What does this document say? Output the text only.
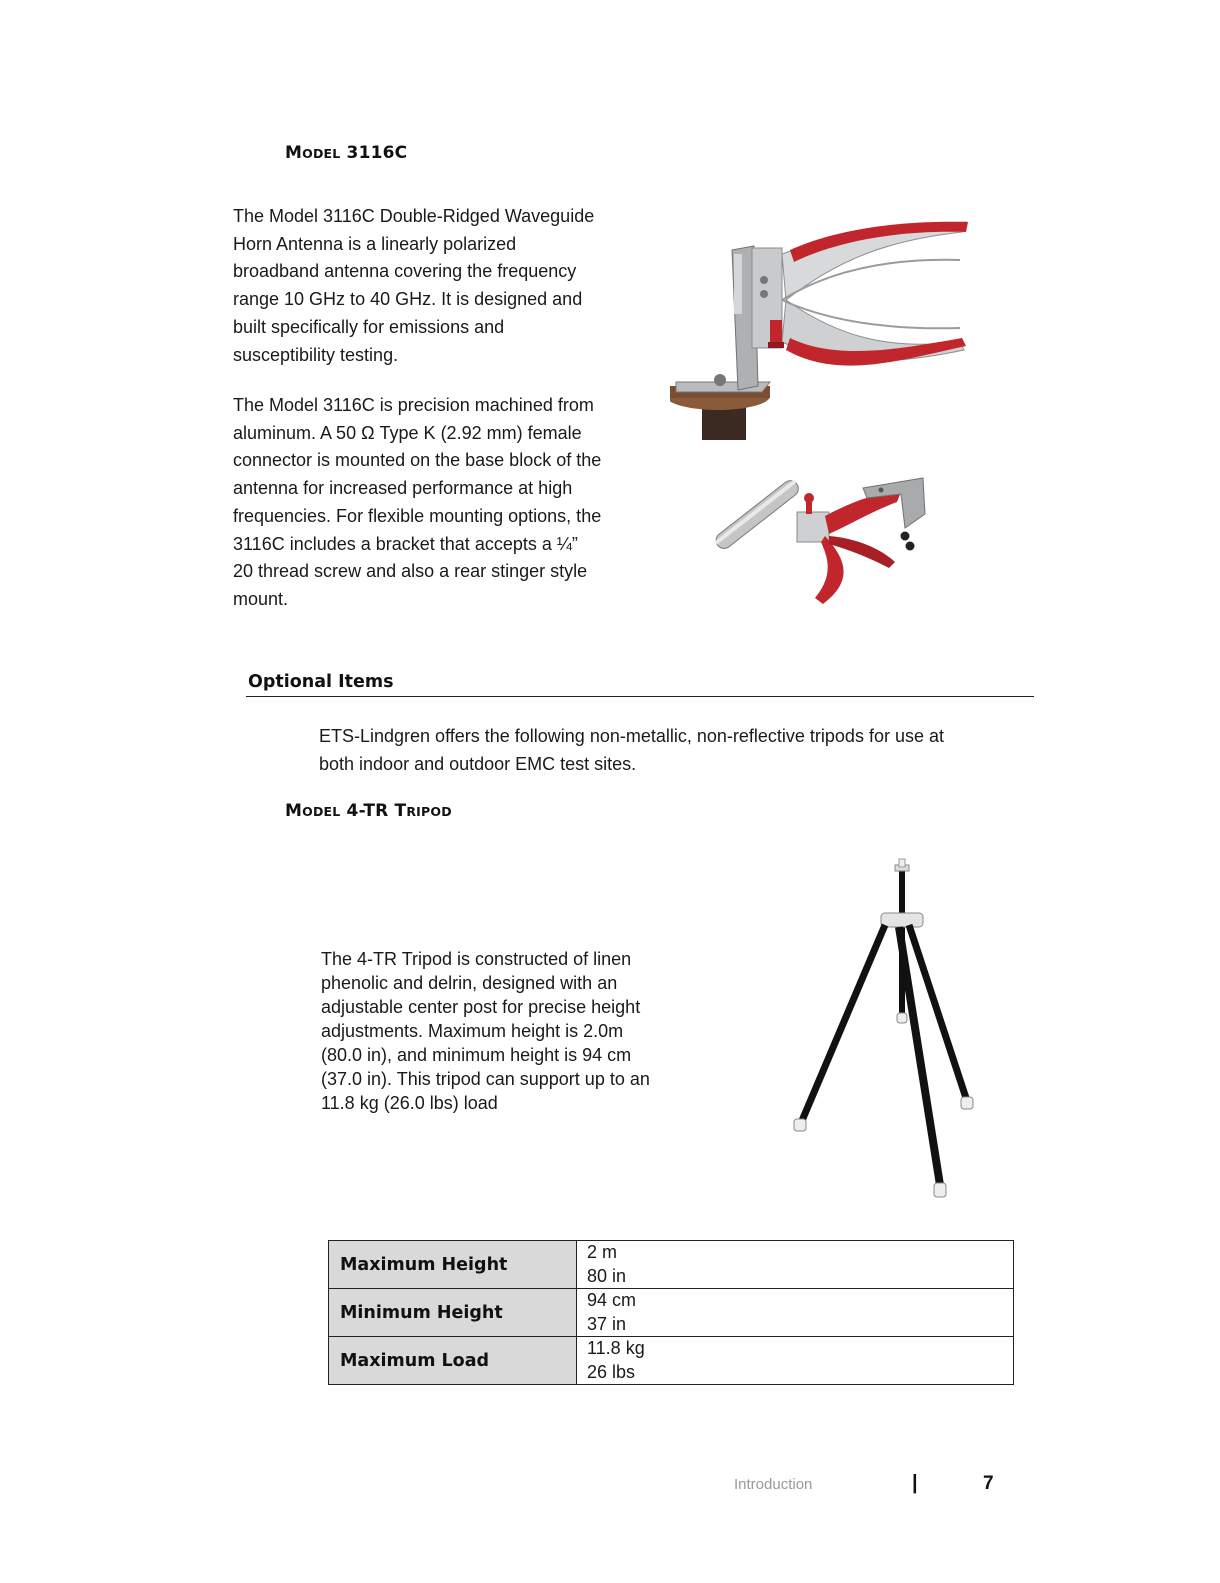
MODEL 3116C

The Model 3116C Double-Ridged Waveguide

Horn Antenna is a linearly polarized

broadband antenna covering the frequency

range 10 GHz to 40 GHz. It is designed and

built specifically for emissions and

susceptibility testing.

The Model 3116C is precision machined from

aluminum. A 50 Ω Type K (2.92 mm) female

connector is mounted on the base block of the

antenna for increased performance at high

frequencies. For flexible mounting options, the

3116C includes a bracket that accepts a ¼”

20 thread screw and also a rear stinger style

mount.

Optional Items

ETS-Lindgren offers the following non-metallic, non-reflective tripods for use at

both indoor and outdoor EMC test sites.

MODEL 4-TR TRIPOD

The 4-TR Tripod is constructed of linen

phenolic and delrin, designed with an

adjustable center post for precise height

adjustments. Maximum height is 2.0m

(80.0 in), and minimum height is 94 cm

(37.0 in). This tripod can support up to an

11.8 kg (26.0 lbs) load

Maximum Height	2 m
80 in

Minimum Height	94 cm
37 in

Maximum Load	11.8 kg
26 lbs
Introduction	|	7
